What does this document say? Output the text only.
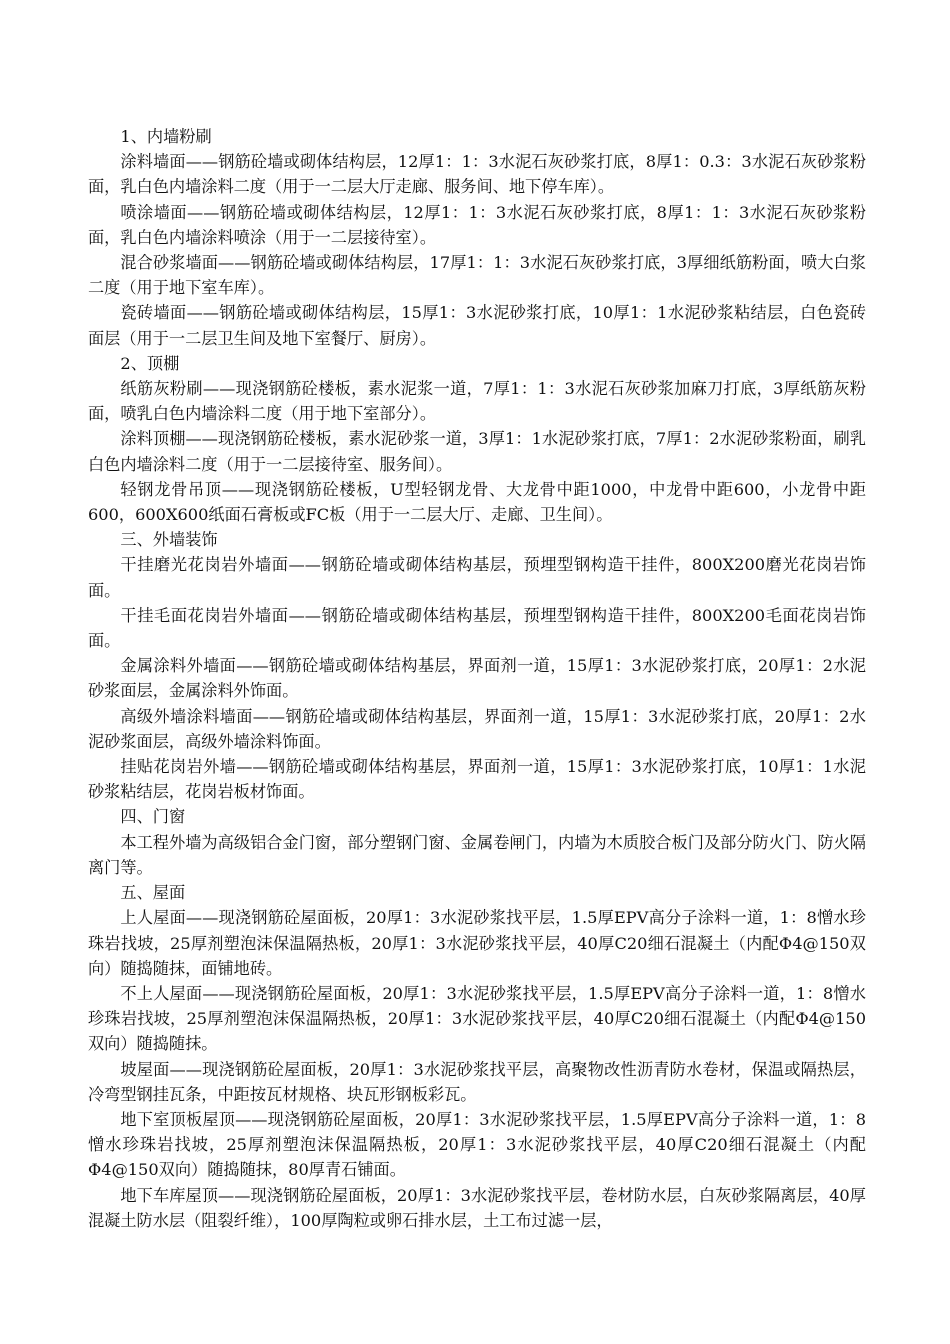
1、内墙粉刷

涂料墙面——钢筋砼墙或砌体结构层，12厚1：1：3水泥石灰砂浆打底，8厚1：0.3：3水泥石灰砂浆粉面，乳白色内墙涂料二度（用于一二层大厅走廊、服务间、地下停车库）。

喷涂墙面——钢筋砼墙或砌体结构层，12厚1：1：3水泥石灰砂浆打底，8厚1：1：3水泥石灰砂浆粉面，乳白色内墙涂料喷涂（用于一二层接待室）。

混合砂浆墙面——钢筋砼墙或砌体结构层，17厚1：1：3水泥石灰砂浆打底，3厚细纸筋粉面，喷大白浆二度（用于地下室车库）。

瓷砖墙面——钢筋砼墙或砌体结构层，15厚1：3水泥砂浆打底，10厚1：1水泥砂浆粘结层，白色瓷砖面层（用于一二层卫生间及地下室餐厅、厨房）。

2、顶棚

纸筋灰粉刷——现浇钢筋砼楼板，素水泥浆一道，7厚1：1：3水泥石灰砂浆加麻刀打底，3厚纸筋灰粉面，喷乳白色内墙涂料二度（用于地下室部分）。

涂料顶棚——现浇钢筋砼楼板，素水泥砂浆一道，3厚1：1水泥砂浆打底，7厚1：2水泥砂浆粉面，刷乳白色内墙涂料二度（用于一二层接待室、服务间）。

轻钢龙骨吊顶——现浇钢筋砼楼板，U型轻钢龙骨、大龙骨中距1000，中龙骨中距600，小龙骨中距600，600X600纸面石膏板或FC板（用于一二层大厅、走廊、卫生间）。

三、外墙装饰

干挂磨光花岗岩外墙面——钢筋砼墙或砌体结构基层，预埋型钢构造干挂件，800X200磨光花岗岩饰面。

干挂毛面花岗岩外墙面——钢筋砼墙或砌体结构基层，预埋型钢构造干挂件，800X200毛面花岗岩饰面。

金属涂料外墙面——钢筋砼墙或砌体结构基层，界面剂一道，15厚1：3水泥砂浆打底，20厚1：2水泥砂浆面层，金属涂料外饰面。

高级外墙涂料墙面——钢筋砼墙或砌体结构基层，界面剂一道，15厚1：3水泥砂浆打底，20厚1：2水泥砂浆面层，高级外墙涂料饰面。

挂贴花岗岩外墙——钢筋砼墙或砌体结构基层，界面剂一道，15厚1：3水泥砂浆打底，10厚1：1水泥砂浆粘结层，花岗岩板材饰面。

四、门窗

本工程外墙为高级铝合金门窗，部分塑钢门窗、金属卷闸门，内墙为木质胶合板门及部分防火门、防火隔离门等。

五、屋面

上人屋面——现浇钢筋砼屋面板，20厚1：3水泥砂浆找平层，1.5厚EPV高分子涂料一道，1：8憎水珍珠岩找坡，25厚剂塑泡沫保温隔热板，20厚1：3水泥砂浆找平层，40厚C20细石混凝土（内配Φ4@150双向）随捣随抹，面铺地砖。

不上人屋面——现浇钢筋砼屋面板，20厚1：3水泥砂浆找平层，1.5厚EPV高分子涂料一道，1：8憎水珍珠岩找坡，25厚剂塑泡沫保温隔热板，20厚1：3水泥砂浆找平层，40厚C20细石混凝土（内配Φ4@150双向）随捣随抹。

坡屋面——现浇钢筋砼屋面板，20厚1：3水泥砂浆找平层，高聚物改性沥青防水卷材，保温或隔热层，冷弯型钢挂瓦条，中距按瓦材规格、块瓦形钢板彩瓦。

地下室顶板屋顶——现浇钢筋砼屋面板，20厚1：3水泥砂浆找平层，1.5厚EPV高分子涂料一道，1：8憎水珍珠岩找坡，25厚剂塑泡沫保温隔热板，20厚1：3水泥砂浆找平层，40厚C20细石混凝土（内配Φ4@150双向）随捣随抹，80厚青石铺面。

地下车库屋顶——现浇钢筋砼屋面板，20厚1：3水泥砂浆找平层，卷材防水层，白灰砂浆隔离层，40厚混凝土防水层（阻裂纤维），100厚陶粒或卵石排水层，土工布过滤一层，
